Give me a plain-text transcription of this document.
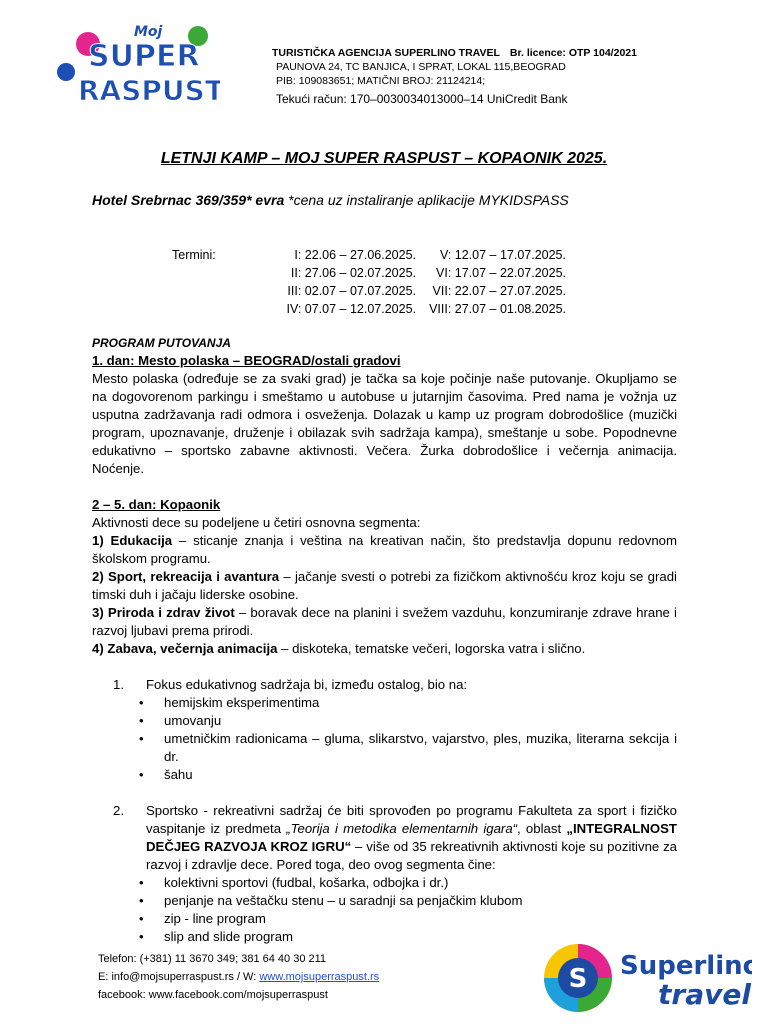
Moj
SUPER
RASPUST
TURISTIČKA AGENCIJA SUPERLINO TRAVEL Br. licence: OTP 104/2021
PAUNOVA 24, TC BANJICA, I SPRAT, LOKAL 115,BEOGRAD
PIB: 109083651; MATIČNI BROJ: 21124214;
Tekući račun: 170–0030034013000–14 UniCredit Bank
LETNJI KAMP – MOJ SUPER RASPUST – KOPAONIK 2025.
Hotel Srebrnac 369/359* evra *cena uz instaliranje aplikacije MYKIDSPASS
Termini:	I: 22.06 – 27.06.2025.	V: 12.07 – 17.07.2025.
	II: 27.06 – 02.07.2025.	VI: 17.07 – 22.07.2025.
	III: 02.07 – 07.07.2025.	VII: 22.07 – 27.07.2025.
	IV: 07.07 – 12.07.2025.	VIII: 27.07 – 01.08.2025.
PROGRAM PUTOVANJA
1. dan: Mesto polaska – BEOGRAD/ostali gradovi

Mesto polaska (određuje se za svaki grad) je tačka sa koje počinje naše putovanje. Okupljamo se na dogovorenom parkingu i smeštamo u autobuse u jutarnjim časovima. Pred nama je vožnja uz usputna zadržavanja radi odmora i osveženja. Dolazak u kamp uz program dobrodošlice (muzički program, upoznavanje, druženje i obilazak svih sadržaja kampa), smeštanje u sobe. Popodnevne edukativno – sportsko zabavne aktivnosti. Večera. Žurka dobrodošlice i večernja animacija. Noćenje.

2 – 5. dan: Kopaonik

Aktivnosti dece su podeljene u četiri osnovna segmenta:

1) Edukacija – sticanje znanja i veština na kreativan način, što predstavlja dopunu redovnom školskom programu.

2) Sport, rekreacija i avantura – jačanje svesti o potrebi za fizičkom aktivnošću kroz koju se gradi timski duh i jačaju liderske osobine.

3) Priroda i zdrav život – boravak dece na planini i svežem vazduhu, konzumiranje zdrave hrane i razvoj ljubavi prema prirodi.

4) Zabava, večernja animacija – diskoteka, tematske večeri, logorska vatra i slično.

1. Fokus edukativnog sadržaja bi, između ostalog, bio na:
• hemijskim eksperimentima
• umovanju
• umetničkim radionicama – gluma, slikarstvo, vajarstvo, ples, muzika, literarna sekcija i dr.
• šahu
2. Sportsko - rekreativni sadržaj će biti sprovođen po programu Fakulteta za sport i fizičko vaspitanje iz predmeta „Teorija i metodika elementarnih igara“, oblast „INTEGRALNOST DEČJEG RAZVOJA KROZ IGRU“ – više od 35 rekreativnih aktivnosti koje su pozitivne za razvoj i zdravlje dece. Pored toga, deo ovog segmenta čine:
• kolektivni sportovi (fudbal, košarka, odbojka i dr.)
• penjanje na veštačku stenu – u saradnji sa penjačkim klubom
• zip - line program
• slip and slide program
Telefon: (+381) 11 3670 349; 381 64 40 30 211
E: info@mojsuperraspust.rs / W: www.mojsuperraspust.rs
facebook: www.facebook.com/mojsuperraspust
S Superlino
travel
